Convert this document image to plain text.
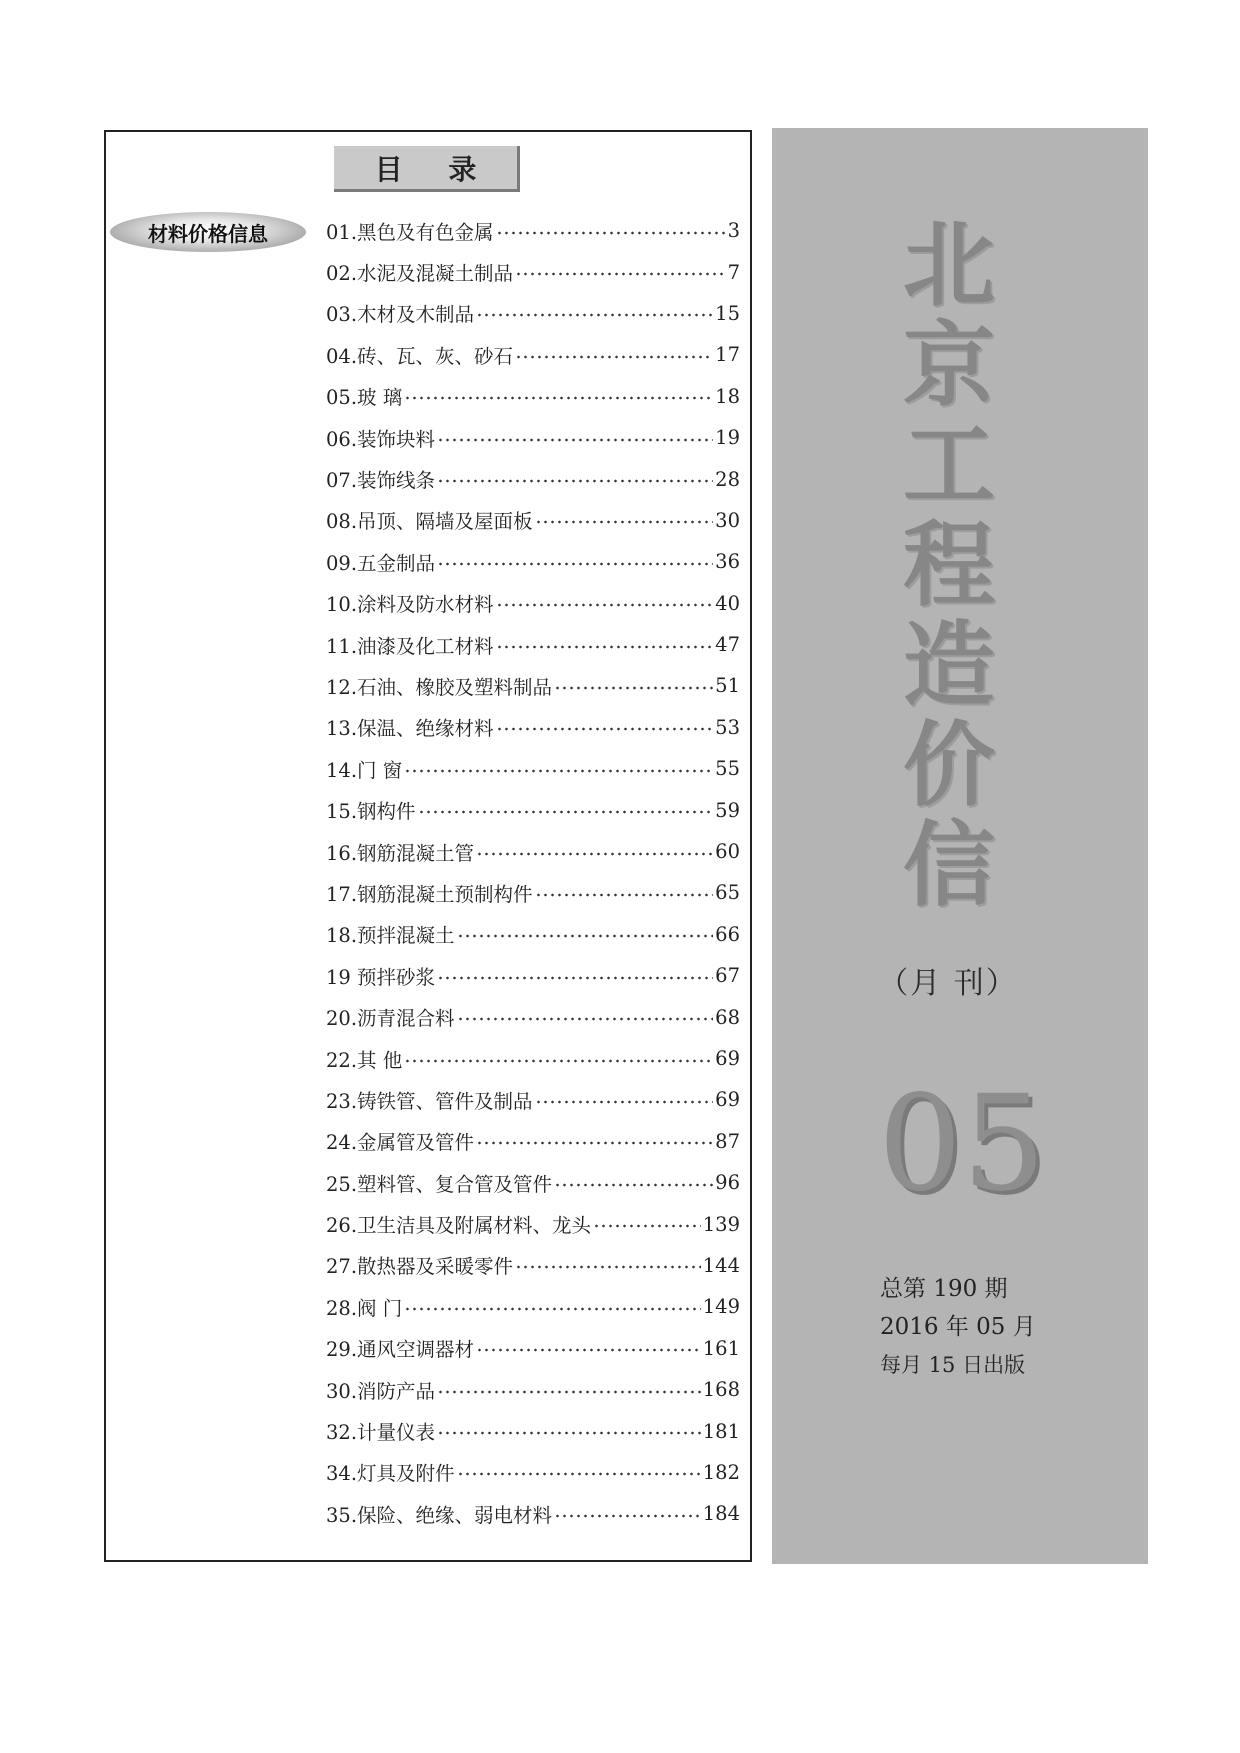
目 录
材料价格信息	01.黑色及有色金属	3
02.水泥及混凝土制品	7
03.木材及木制品	15
04.砖、瓦、灰、砂石	17
05.玻 璃	18
06.装饰块料	19
07.装饰线条	28
08.吊顶、隔墙及屋面板	30
09.五金制品	36
10.涂料及防水材料	40
11.油漆及化工材料	47
12.石油、橡胶及塑料制品	51
13.保温、绝缘材料	53
14.门 窗	55
15.钢构件	59
16.钢筋混凝土管	60
17.钢筋混凝土预制构件	65
18.预拌混凝土	66
19 预拌砂浆	67
20.沥青混合料	68
22.其 他	69
23.铸铁管、管件及制品	69
24.金属管及管件	87
25.塑料管、复合管及管件	96
26.卫生洁具及附属材料、龙头	139
27.散热器及采暖零件	144
28.阀 门	149
29.通风空调器材	161
30.消防产品	168
32.计量仪表	181
34.灯具及附件	182
35.保险、绝缘、弱电材料	184
北
京
工
程
造
价
信
（月 刊）
05
总第 190 期
2016 年 05 月
每月 15 日出版
